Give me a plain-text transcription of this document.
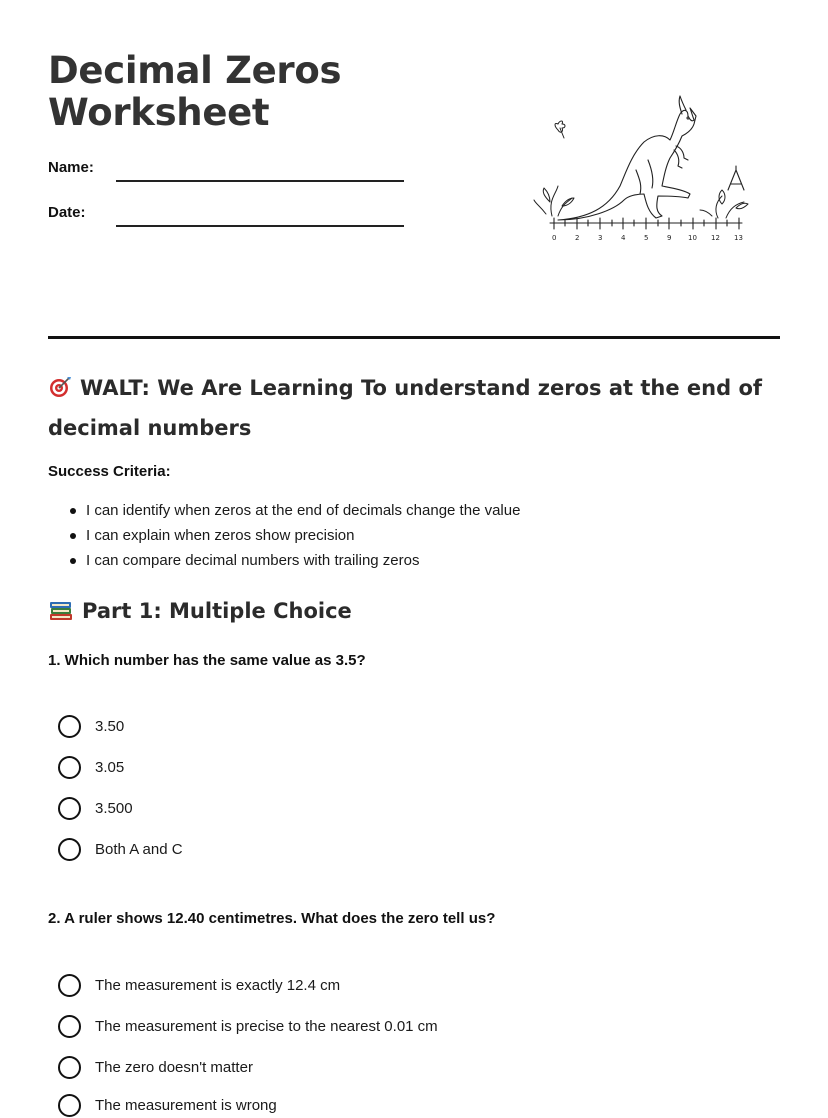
Decimal Zeros
Worksheet
Name:
Date:
0	2	3	4	5	9 10 12 13
WALT: We Are Learning To understand zeros at the end of
decimal numbers
Success Criteria:
I can identify when zeros at the end of decimals change the value
I can explain when zeros show precision
I can compare decimal numbers with trailing zeros
Part 1: Multiple Choice

1. Which number has the same value as 3.5?

3.50
3.05
3.500
Both A and C

2. A ruler shows 12.40 centimetres. What does the zero tell us?

The measurement is exactly 12.4 cm
The measurement is precise to the nearest 0.01 cm
The zero doesn't matter
The measurement is wrong
